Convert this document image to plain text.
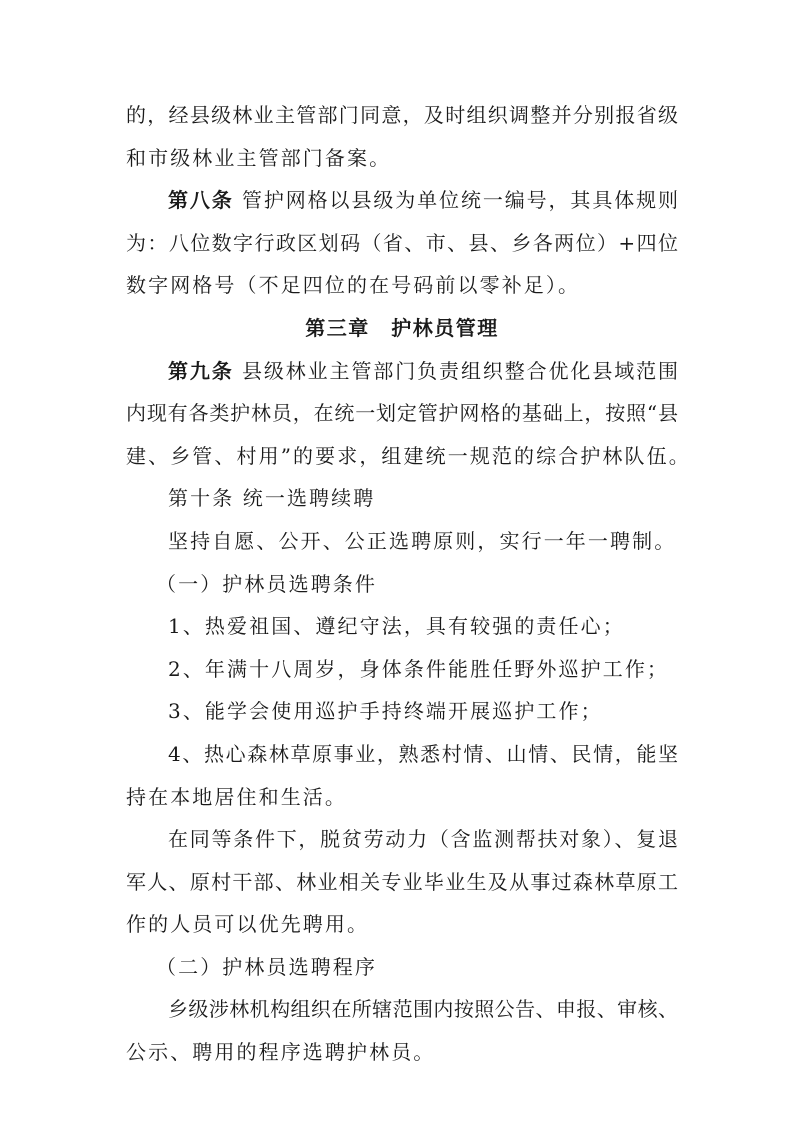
的，经县级林业主管部门同意，及时组织调整并分别报省级
和市级林业主管部门备案。
第八条 管护网格以县级为单位统一编号，其具体规则
为：八位数字行政区划码（省、市、县、乡各两位）+四位
数字网格号（不足四位的在号码前以零补足）。
第三章　护林员管理
第九条 县级林业主管部门负责组织整合优化县域范围
内现有各类护林员，在统一划定管护网格的基础上，按照“县
建、乡管、村用”的要求，组建统一规范的综合护林队伍。
第十条 统一选聘续聘
坚持自愿、公开、公正选聘原则，实行一年一聘制。
（一）护林员选聘条件
1、热爱祖国、遵纪守法，具有较强的责任心；
2、年满十八周岁，身体条件能胜任野外巡护工作；
3、能学会使用巡护手持终端开展巡护工作；
4、热心森林草原事业，熟悉村情、山情、民情，能坚
持在本地居住和生活。
在同等条件下，脱贫劳动力（含监测帮扶对象）、复退
军人、原村干部、林业相关专业毕业生及从事过森林草原工
作的人员可以优先聘用。
（二）护林员选聘程序
乡级涉林机构组织在所辖范围内按照公告、申报、审核、
公示、聘用的程序选聘护林员。
